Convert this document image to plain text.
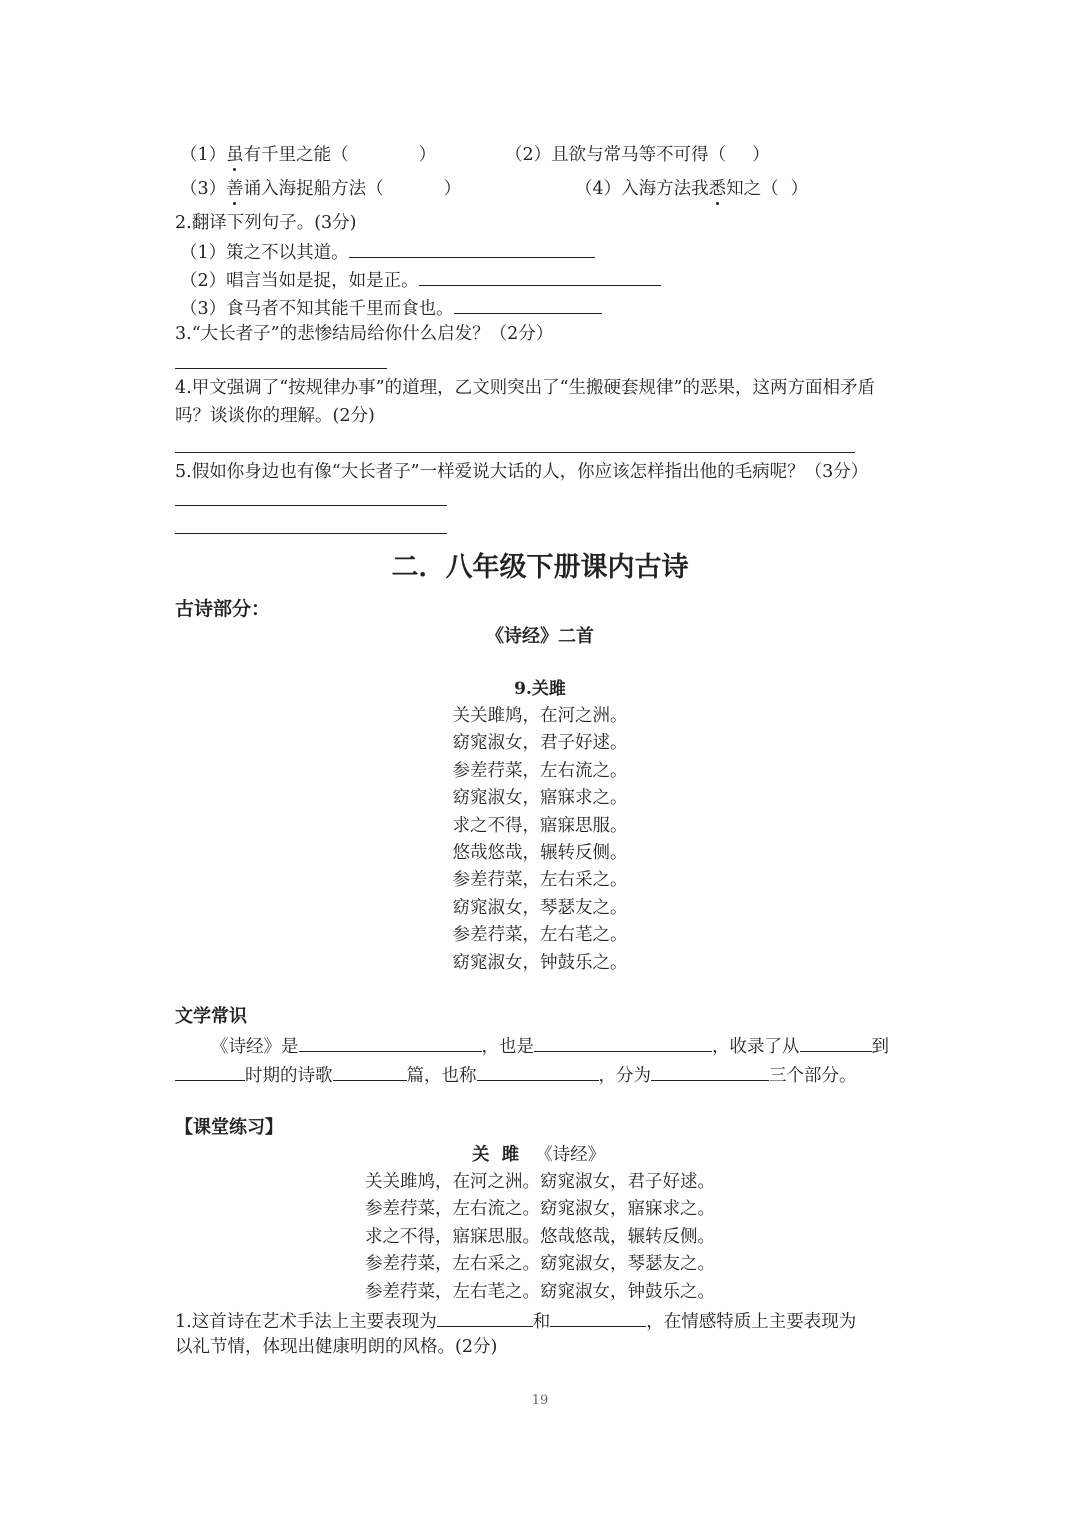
（1）虽有千里之能（	）	（2）且欲与常马等不可得（ ）
（3）善诵入海捉船方法（	）	（4）入海方法我悉知之（ ）
2.翻译下列句子。(3分)
（1）策之不以其道。
（2）唱言当如是捉，如是正。
（3）食马者不知其能千里而食也。
3.“大长者子”的悲惨结局给你什么启发？（2分）
4.甲文强调了“按规律办事”的道理，乙文则突出了“生搬硬套规律”的恶果，这两方面相矛盾
吗？谈谈你的理解。(2分)
5.假如你身边也有像“大长者子”一样爱说大话的人，你应该怎样指出他的毛病呢？（3分）
二．八年级下册课内古诗
古诗部分：
《诗经》二首
9.关雎
关关雎鸠，在河之洲。
窈窕淑女，君子好逑。
参差荇菜，左右流之。
窈窕淑女，寤寐求之。
求之不得，寤寐思服。
悠哉悠哉，辗转反侧。
参差荇菜，左右采之。
窈窕淑女，琴瑟友之。
参差荇菜，左右芼之。
窈窕淑女，钟鼓乐之。
文学常识
《诗经》是	，也是	，收录了从	到
时期的诗歌	篇，也称	，分为	三个部分。
【课堂练习】
关  雎 《诗经》
关关雎鸠，在河之洲。窈窕淑女，君子好逑。
参差荇菜，左右流之。窈窕淑女，寤寐求之。
求之不得，寤寐思服。悠哉悠哉，辗转反侧。
参差荇菜，左右采之。窈窕淑女，琴瑟友之。
参差荇菜，左右芼之。窈窕淑女，钟鼓乐之。
1.这首诗在艺术手法上主要表现为	和	，在情感特质上主要表现为
以礼节情，体现出健康明朗的风格。(2分)
19
